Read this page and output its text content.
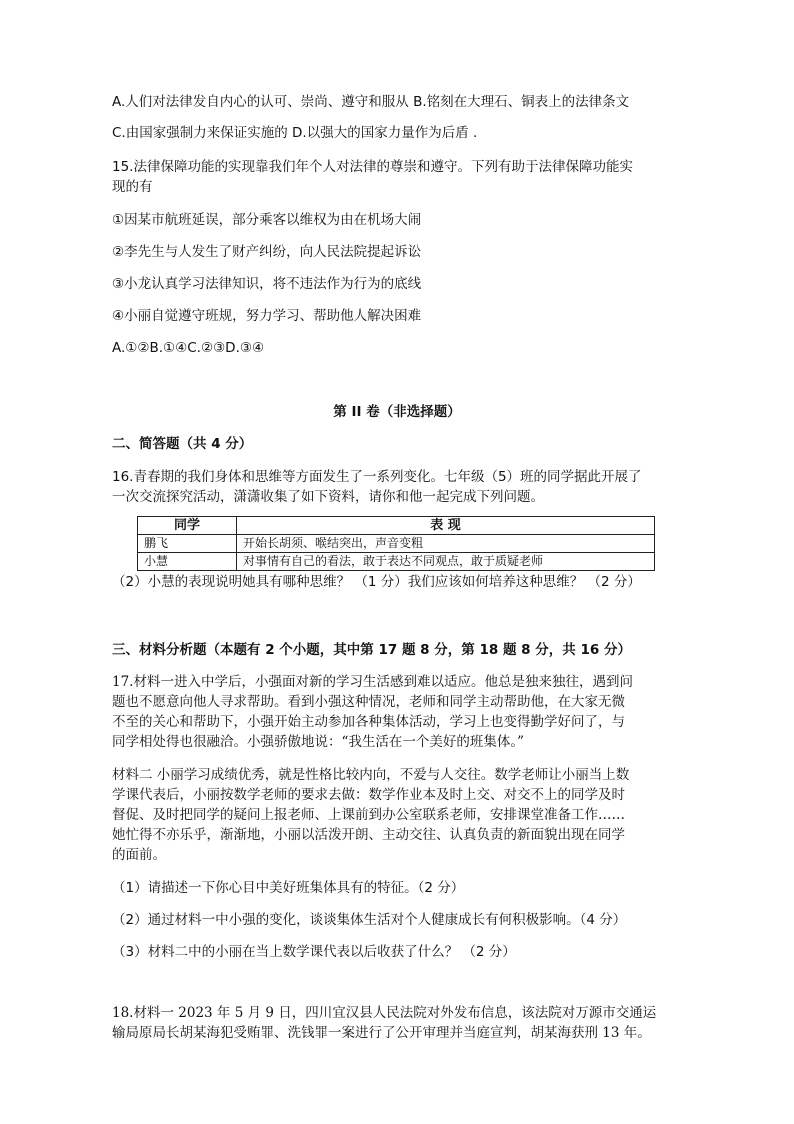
A.人们对法律发自内心的认可、崇尚、遵守和服从 B.铭刻在大理石、铜表上的法律条文
C.由国家强制力来保证实施的 D.以强大的国家力量作为后盾 .
15.法律保障功能的实现靠我们年个人对法律的尊崇和遵守。下列有助于法律保障功能实
现的有
①因某市航班延误，部分乘客以维权为由在机场大闹
②李先生与人发生了财产纠纷，向人民法院提起诉讼
③小龙认真学习法律知识，将不违法作为行为的底线
④小丽自觉遵守班规，努力学习、帮助他人解决困难
A.①②B.①④C.②③D.③④
第 II 卷（非选择题）
二、简答题（共 4 分）
16.青春期的我们身体和思维等方面发生了一系列变化。七年级（5）班的同学据此开展了
一次交流探究活动，潇潇收集了如下资料，请你和他一起完成下列问题。
同学	表 现
鹏飞	开始长胡须、喉结突出，声音变粗
小慧	对事情有自己的看法，敢于表达不同观点，敢于质疑老师
（2）小慧的表现说明她具有哪种思维？ （1 分）我们应该如何培养这种思维？ （2 分）
三、材料分析题（本题有 2 个小题，其中第 17 题 8 分，第 18 题 8 分，共 16 分）
17.材料一进入中学后，小强面对新的学习生活感到难以适应。他总是独来独往，遇到问
题也不愿意向他人寻求帮助。看到小强这种情况，老师和同学主动帮助他，在大家无微
不至的关心和帮助下，小强开始主动参加各种集体活动，学习上也变得勤学好问了，与
同学相处得也很融洽。小强骄傲地说：“我生活在一个美好的班集体。”
材料二 小丽学习成绩优秀，就是性格比较内向，不爱与人交往。数学老师让小丽当上数
学课代表后，小丽按数学老师的要求去做：数学作业本及时上交、对交不上的同学及时
督促、及时把同学的疑问上报老师、上课前到办公室联系老师，安排课堂准备工作……
她忙得不亦乐乎，渐渐地，小丽以活泼开朗、主动交往、认真负责的新面貌出现在同学
的面前。
（1）请描述一下你心目中美好班集体具有的特征。（2 分）
（2）通过材料一中小强的变化，谈谈集体生活对个人健康成长有何积极影响。（4 分）
（3）材料二中的小丽在当上数学课代表以后收获了什么？ （2 分）
18.材料一 2023 年 5 月 9 日，四川宜汉县人民法院对外发布信息，该法院对万源市交通运
输局原局长胡某海犯受贿罪、洗钱罪一案进行了公开审理并当庭宣判，胡某海获刑 13 年。
